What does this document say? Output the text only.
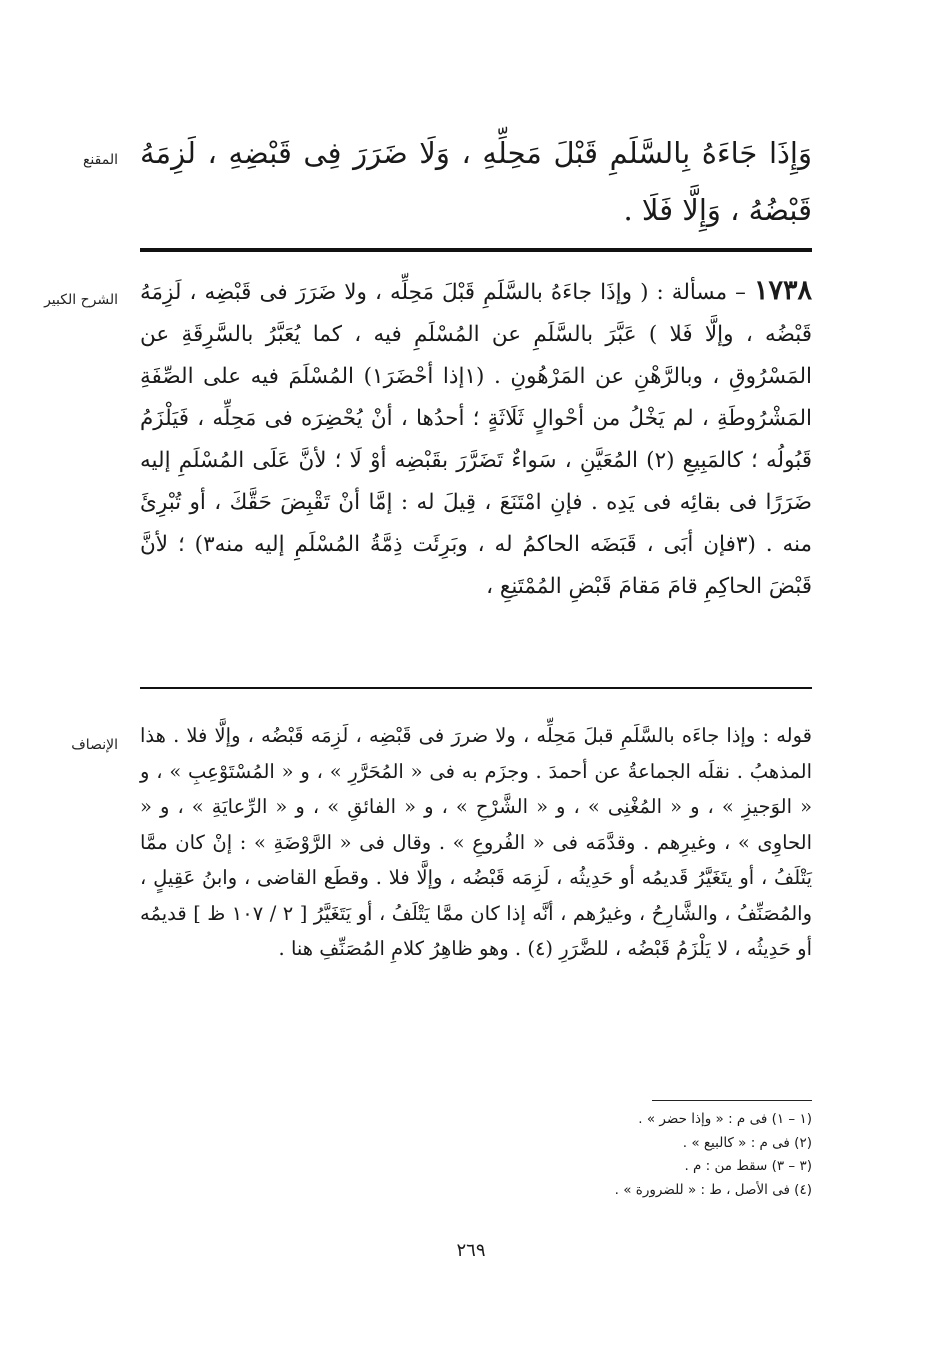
المقنع وَإِذَا جَاءَهُ بِالسَّلَمِ قَبْلَ مَحِلِّهِ ، وَلَا ضَرَرَ فِى قَبْضِهِ ، لَزِمَهُ قَبْضُهُ ، وَإِلَّا فَلَا .

الشرح الكبير	١٧٣٨ – مسألة : ( وإذَا جاءَهُ بالسَّلَمِ قَبْلَ مَحِلِّه ، ولا ضَرَرَ فى قَبْضِه ، لَزِمَهُ قَبْضُه ، وإلَّا فَلا ) عَبَّرَ بالسَّلَمِ عن المُسْلَمِ فيه ، كما يُعَبَّرُ بالسَّرِقَةِ عن المَسْرُوقِ ، وبالرَّهْنِ عن المَرْهُونِ . (١إذا أحْضَرَ١) المُسْلَمَ فيه على الصِّفَةِ المَشْرُوطَةِ ، لم يَخْلُ من أحْوالٍ ثَلَاثَةٍ ؛ أحدُها ، أنْ يُحْضِرَه فى مَحِلِّه ، فَيَلْزَمُ قَبُولُه ؛ كالمَبِيعِ (٢) المُعَيَّنِ ، سَواءٌ تَضَرَّرَ بقَبْضِه أوْ لَا ؛ لأنَّ عَلَى المُسْلَمِ إليه ضَرَرًا فى بقائِه فى يَدِه . فإنِ امْتَنَعَ ، قِيلَ له : إمَّا أنْ تَقْبِضَ حَقَّكَ ، أو تُبْرِئَ منه . (٣فإن أبَى ، قَبَضَه الحاكمُ له ، وبَرِئَت ذِمَّةُ المُسْلَمِ إليه منه٣) ؛ لأنَّ قَبْضَ الحاكِمِ قامَ مَقامَ قَبْضِ المُمْتَنِعِ ،

الإنصاف قوله : وإذا جاءَه بالسَّلَمِ قبلَ مَحِلِّه ، ولا ضررَ فى قَبْضِه ، لَزِمَه قَبْضُه ، وإلَّا فلا . هذا المذهبُ . نقلَه الجماعةُ عن أحمدَ . وجزَم به فى « المُحَرَّرِ » ، و « المُسْتَوْعِبِ » ، و « الوَجيزِ » ، و « المُغْنِى » ، و « الشَّرْحِ » ، و « الفائقِ » ، و « الرِّعايَةِ » ، و « الحاوِى » ، وغيرِهم . وقدَّمَه فى « الفُروعِ » . وقال فى « الرَّوْضَةِ » : إنْ كان ممَّا يَتْلَفُ ، أو يتَغَيَّرُ قَديمُه أو حَدِيثُه ، لَزِمَه قَبْضُه ، وإلَّا فلا . وقطَع القاضى ، وابنُ عَقِيلٍ ، والمُصَنِّفُ ، والشَّارِحُ ، وغيرُهم ، أنَّه إذا كان ممَّا يَتْلَفُ ، أو يَتَغَيَّرُ [ ٢ / ١٠٧ ظ ] قديمُه أو حَدِيثُه ، لا يَلْزَمُ قَبْضُه ، للضَّرَرِ (٤) . وهو ظاهِرُ كلامِ المُصَنِّفِ هنا .

(١ – ١) فى م : « وإذا حضر » .
(٢) فى م : « كالبيع » .
(٣ – ٣) سقط من : م .
(٤) فى الأصل ، ط : « للضرورة » .
٢٦٩
